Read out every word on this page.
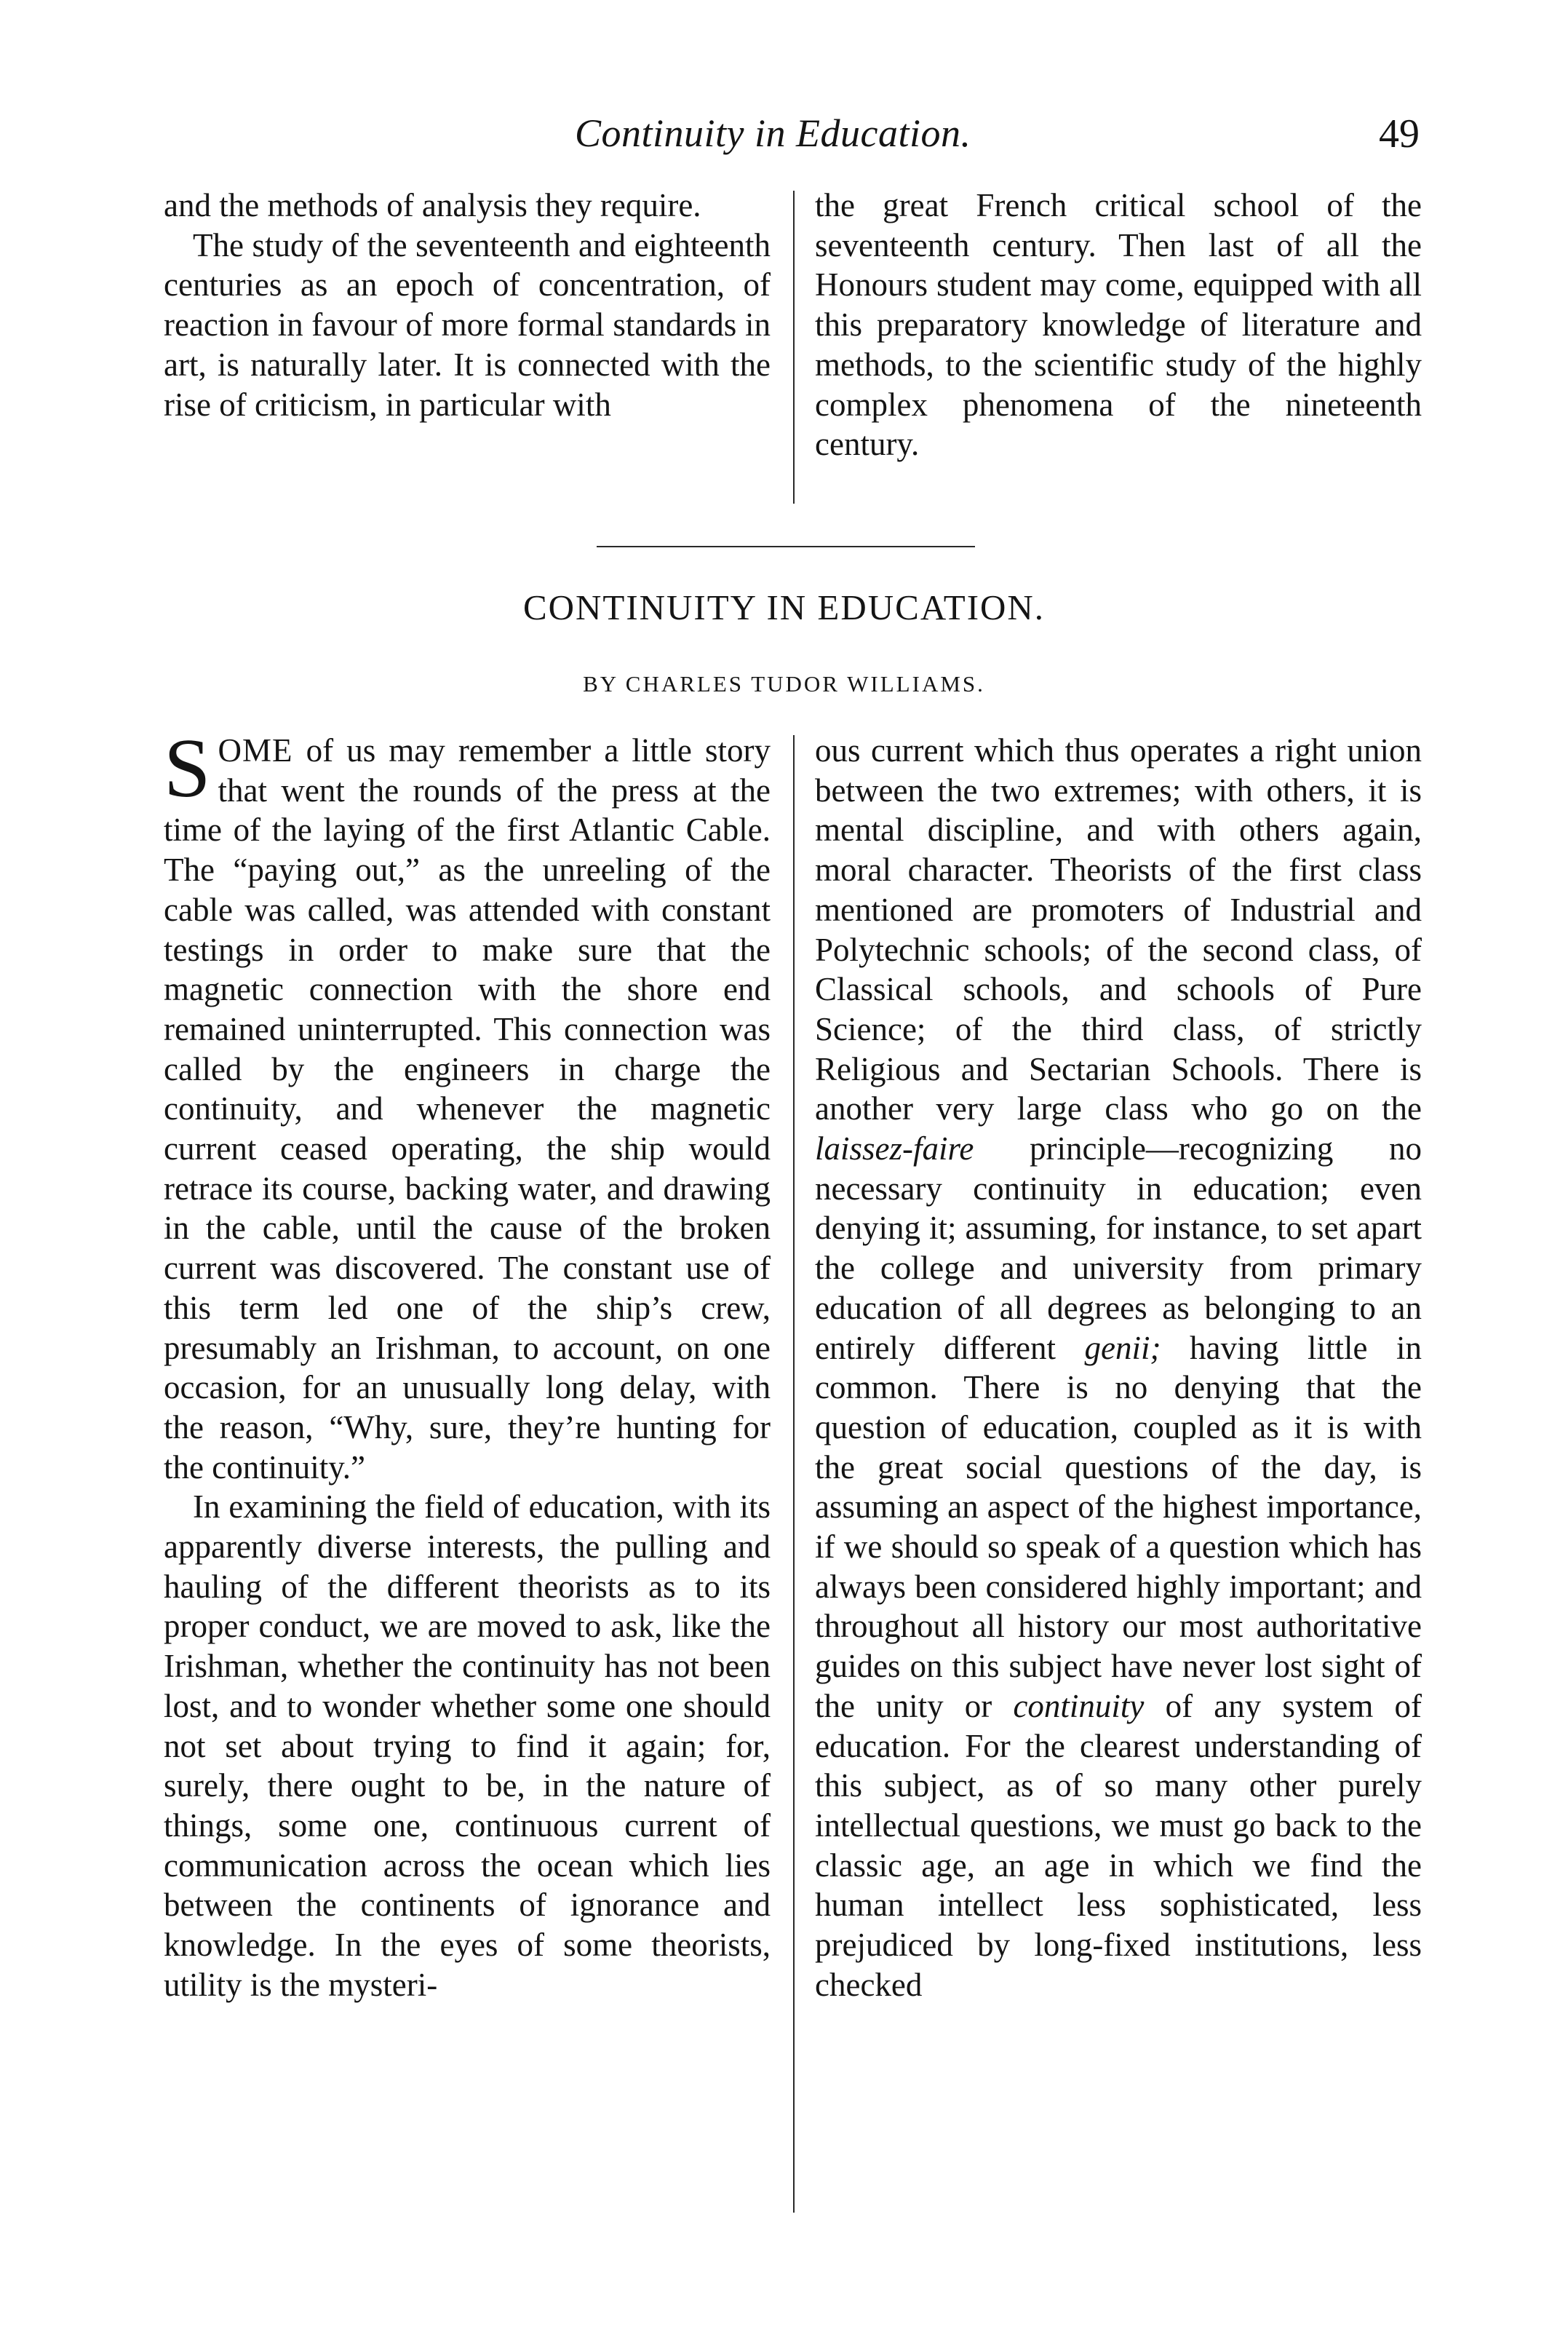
Continuity in Education.	49

and the methods of analysis they require.

The study of the seventeenth and eighteenth centuries as an epoch of concentration, of reaction in favour of more formal standards in art, is naturally later. It is connected with the rise of criticism, in particular with

the great French critical school of the seventeenth century. Then last of all the Honours student may come, equipped with all this preparatory knowledge of literature and methods, to the scientific study of the highly complex phenomena of the nineteenth century.

CONTINUITY IN EDUCATION.
BY CHARLES TUDOR WILLIAMS.

SOME of us may remember a little story that went the rounds of the press at the time of the laying of the first Atlantic Cable. The “paying out,” as the unreeling of the cable was called, was attended with constant testings in order to make sure that the magnetic connection with the shore end remained uninterrupted. This connection was called by the engineers in charge the continuity, and whenever the magnetic current ceased operating, the ship would retrace its course, backing water, and drawing in the cable, until the cause of the broken current was discovered. The constant use of this term led one of the ship’s crew, presumably an Irishman, to account, on one occasion, for an unusually long delay, with the reason, “Why, sure, they’re hunting for the continuity.”

In examining the field of education, with its apparently diverse interests, the pulling and hauling of the different theorists as to its proper conduct, we are moved to ask, like the Irishman, whether the continuity has not been lost, and to wonder whether some one should not set about trying to find it again; for, surely, there ought to be, in the nature of things, some one, continuous current of communication across the ocean which lies between the continents of ignorance and knowledge. In the eyes of some theorists, utility is the mysteri-

ous current which thus operates a right union between the two extremes; with others, it is mental discipline, and with others again, moral character. Theorists of the first class mentioned are promoters of Industrial and Polytechnic schools; of the second class, of Classical schools, and schools of Pure Science; of the third class, of strictly Religious and Sectarian Schools. There is another very large class who go on the laissez-faire principle—recognizing no necessary continuity in education; even denying it; assuming, for instance, to set apart the college and university from primary education of all degrees as belonging to an entirely different genii; having little in common. There is no denying that the question of education, coupled as it is with the great social questions of the day, is assuming an aspect of the highest importance, if we should so speak of a question which has always been considered highly important; and throughout all history our most authoritative guides on this subject have never lost sight of the unity or continuity of any system of education. For the clearest understanding of this subject, as of so many other purely intellectual questions, we must go back to the classic age, an age in which we find the human intellect less sophisticated, less prejudiced by long-fixed institutions, less checked
